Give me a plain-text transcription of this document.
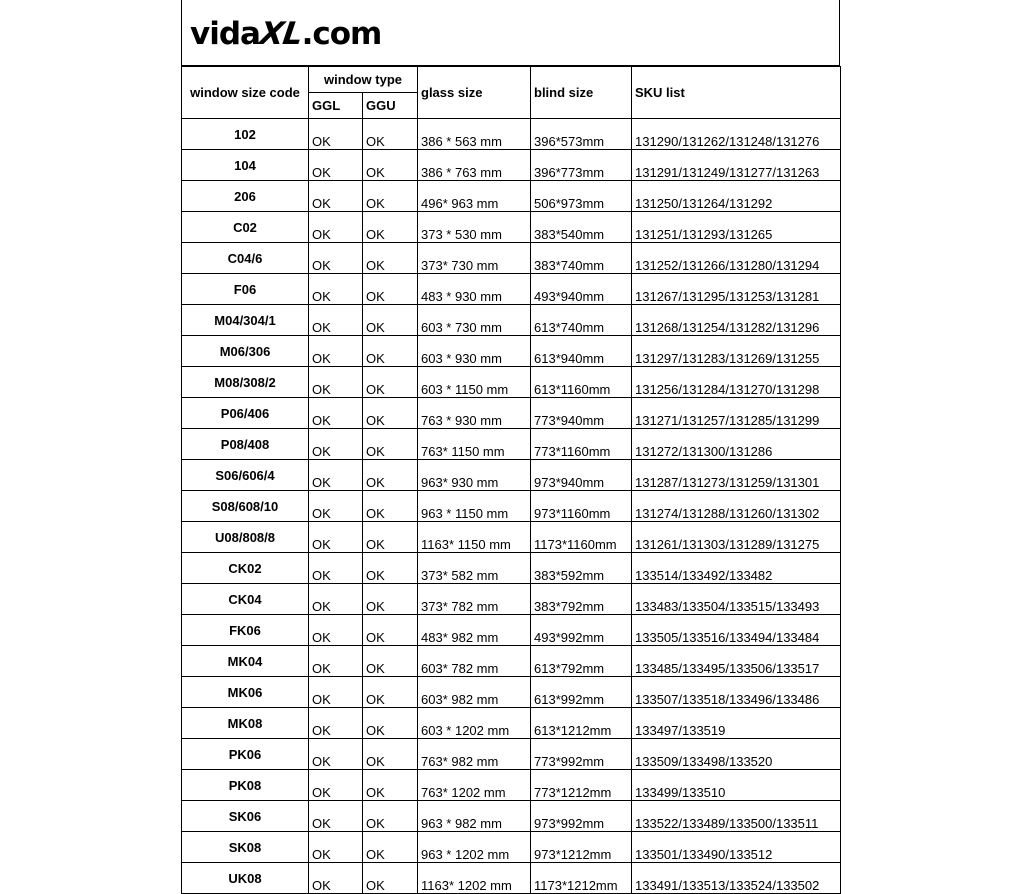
vidaXL.com
window size code	window type		glass size	blind size	SKU list
	GGL	GGU			
102	OK	OK	386 * 563 mm	396*573mm	131290/131262/131248/131276
104	OK	OK	386 * 763 mm	396*773mm	131291/131249/131277/131263
206	OK	OK	496* 963 mm	506*973mm	131250/131264/131292
C02	OK	OK	373 * 530 mm	383*540mm	131251/131293/131265
C04/6	OK	OK	373* 730 mm	383*740mm	131252/131266/131280/131294
F06	OK	OK	483 * 930 mm	493*940mm	131267/131295/131253/131281
M04/304/1	OK	OK	603 * 730 mm	613*740mm	131268/131254/131282/131296
M06/306	OK	OK	603 * 930 mm	613*940mm	131297/131283/131269/131255
M08/308/2	OK	OK	603 * 1150 mm	613*1160mm	131256/131284/131270/131298
P06/406	OK	OK	763 * 930 mm	773*940mm	131271/131257/131285/131299
P08/408	OK	OK	763* 1150 mm	773*1160mm	131272/131300/131286
S06/606/4	OK	OK	963* 930 mm	973*940mm	131287/131273/131259/131301
S08/608/10	OK	OK	963 * 1150 mm	973*1160mm	131274/131288/131260/131302
U08/808/8	OK	OK	1163* 1150 mm	1173*1160mm	131261/131303/131289/131275
CK02	OK	OK	373* 582 mm	383*592mm	133514/133492/133482
CK04	OK	OK	373* 782 mm	383*792mm	133483/133504/133515/133493
FK06	OK	OK	483* 982 mm	493*992mm	133505/133516/133494/133484
MK04	OK	OK	603* 782 mm	613*792mm	133485/133495/133506/133517
MK06	OK	OK	603* 982 mm	613*992mm	133507/133518/133496/133486
MK08	OK	OK	603 * 1202 mm	613*1212mm	133497/133519
PK06	OK	OK	763* 982 mm	773*992mm	133509/133498/133520
PK08	OK	OK	763* 1202 mm	773*1212mm	133499/133510
SK06	OK	OK	963 * 982 mm	973*992mm	133522/133489/133500/133511
SK08	OK	OK	963 * 1202 mm	973*1212mm	133501/133490/133512
UK08	OK	OK	1163* 1202 mm	1173*1212mm	133491/133513/133524/133502
